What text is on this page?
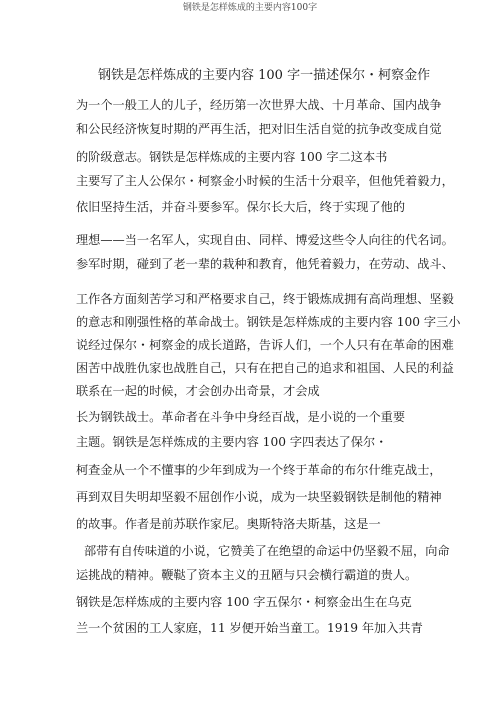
钢铁是怎样炼成的主要内容100字
钢铁是怎样炼成的主要内容 100 字一描述保尔・柯察金作
为一个一般工人的儿子，经历第一次世界大战、十月革命、国内战争
和公民经济恢复时期的严再生活，把对旧生活自觉的抗争改变成自觉
的阶级意志。钢铁是怎样炼成的主要内容 100 字二这本书
主要写了主人公保尔・柯察金小时候的生活十分艰辛，但他凭着毅力，
依旧坚持生活，并奋斗要参军。保尔长大后，终于实现了他的
理想——当一名军人，实现自由、同样、博爱这些令人向往的代名词。
参军时期，碰到了老一辈的栽种和教育，他凭着毅力，在劳动、战斗、
工作各方面刻苦学习和严格要求自己，终于锻炼成拥有高尚理想、坚毅
的意志和刚强性格的革命战士。钢铁是怎样炼成的主要内容 100 字三小
说经过保尔・柯察金的成长道路，告诉人们，一个人只有在革命的困难
困苦中战胜仇家也战胜自己，只有在把自己的追求和祖国、人民的利益
联系在一起的时候，才会创办出奇景，才会成
长为钢铁战士。革命者在斗争中身经百战，是小说的一个重要
主题。钢铁是怎样炼成的主要内容 100 字四表达了保尔・
柯查金从一个不懂事的少年到成为一个终于革命的布尔什维克战士，
再到双目失明却坚毅不屈创作小说，成为一块坚毅钢铁是制他的精神
的故事。作者是前苏联作家尼。奥斯特洛夫斯基，这是一
部带有自传味道的小说，它赞美了在绝望的命运中仍坚毅不屈，向命
运挑战的精神。鞭鞑了资本主义的丑陋与只会横行霸道的贵人。
钢铁是怎样炼成的主要内容 100 字五保尔・柯察金出生在乌克
兰一个贫困的工人家庭，11 岁便开始当童工。1919 年加入共青
